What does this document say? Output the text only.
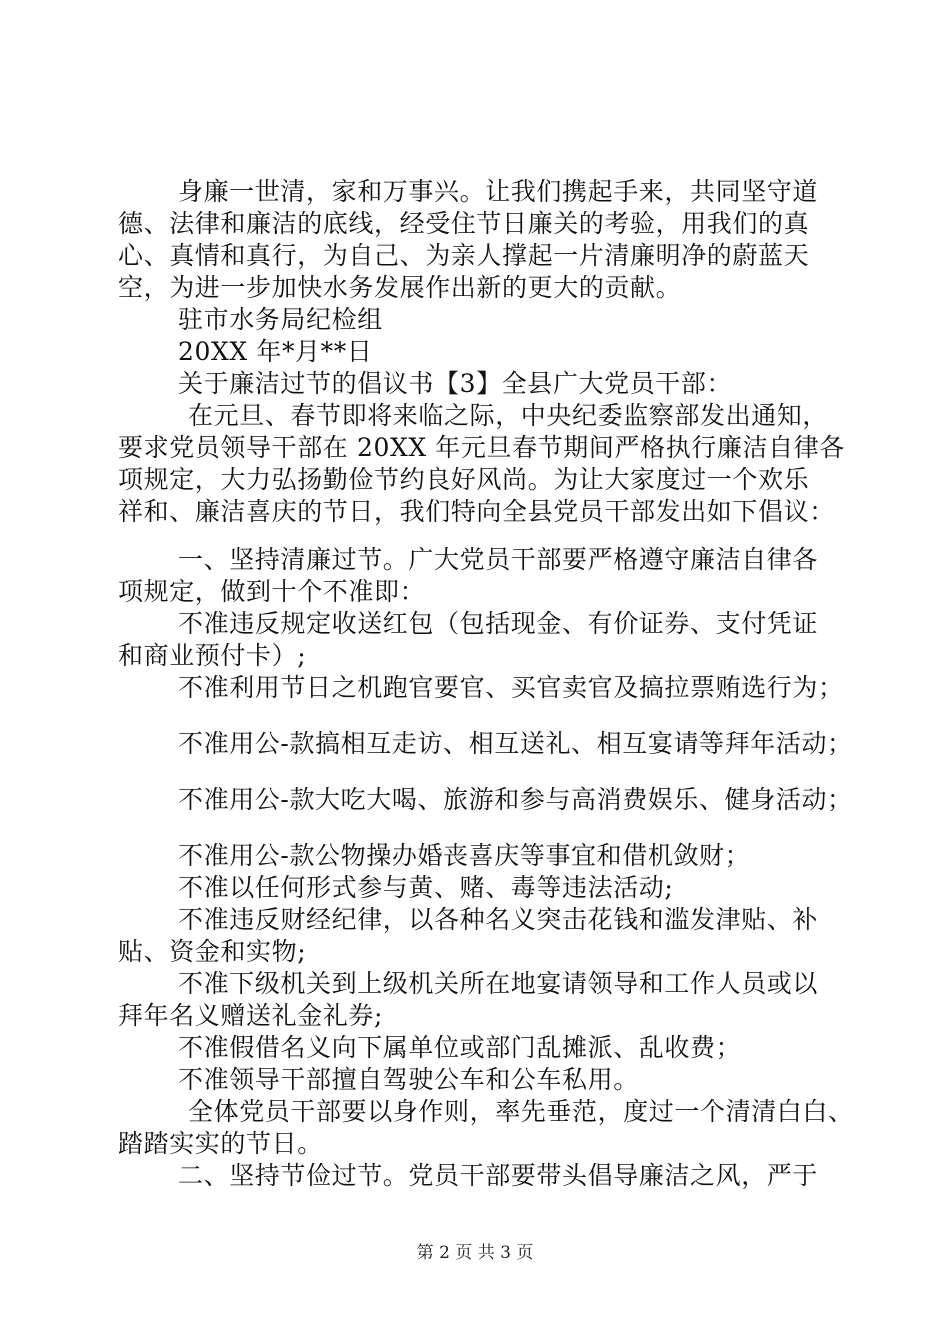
身廉一世清，家和万事兴。让我们携起手来，共同坚守道
德、法律和廉洁的底线，经受住节日廉关的考验，用我们的真
心、真情和真行，为自己、为亲人撑起一片清廉明净的蔚蓝天
空，为进一步加快水务发展作出新的更大的贡献。
驻市水务局纪检组
20XX 年*月**日
关于廉洁过节的倡议书【3】全县广大党员干部：
在元旦、春节即将来临之际，中央纪委监察部发出通知，
要求党员领导干部在 20XX 年元旦春节期间严格执行廉洁自律各
项规定，大力弘扬勤俭节约良好风尚。为让大家度过一个欢乐
祥和、廉洁喜庆的节日，我们特向全县党员干部发出如下倡议：
一、坚持清廉过节。广大党员干部要严格遵守廉洁自律各
项规定，做到十个不准即：
不准违反规定收送红包（包括现金、有价证券、支付凭证
和商业预付卡）;
不准利用节日之机跑官要官、买官卖官及搞拉票贿选行为；
不准用公-款搞相互走访、相互送礼、相互宴请等拜年活动；
不准用公-款大吃大喝、旅游和参与高消费娱乐、健身活动；
不准用公-款公物操办婚丧喜庆等事宜和借机敛财；
不准以任何形式参与黄、赌、毒等违法活动;
不准违反财经纪律，以各种名义突击花钱和滥发津贴、补
贴、资金和实物;
不准下级机关到上级机关所在地宴请领导和工作人员或以
拜年名义赠送礼金礼券;
不准假借名义向下属单位或部门乱摊派、乱收费；
不准领导干部擅自驾驶公车和公车私用。
全体党员干部要以身作则，率先垂范，度过一个清清白白、
踏踏实实的节日。
二、坚持节俭过节。党员干部要带头倡导廉洁之风，严于
第 2 页 共 3 页
